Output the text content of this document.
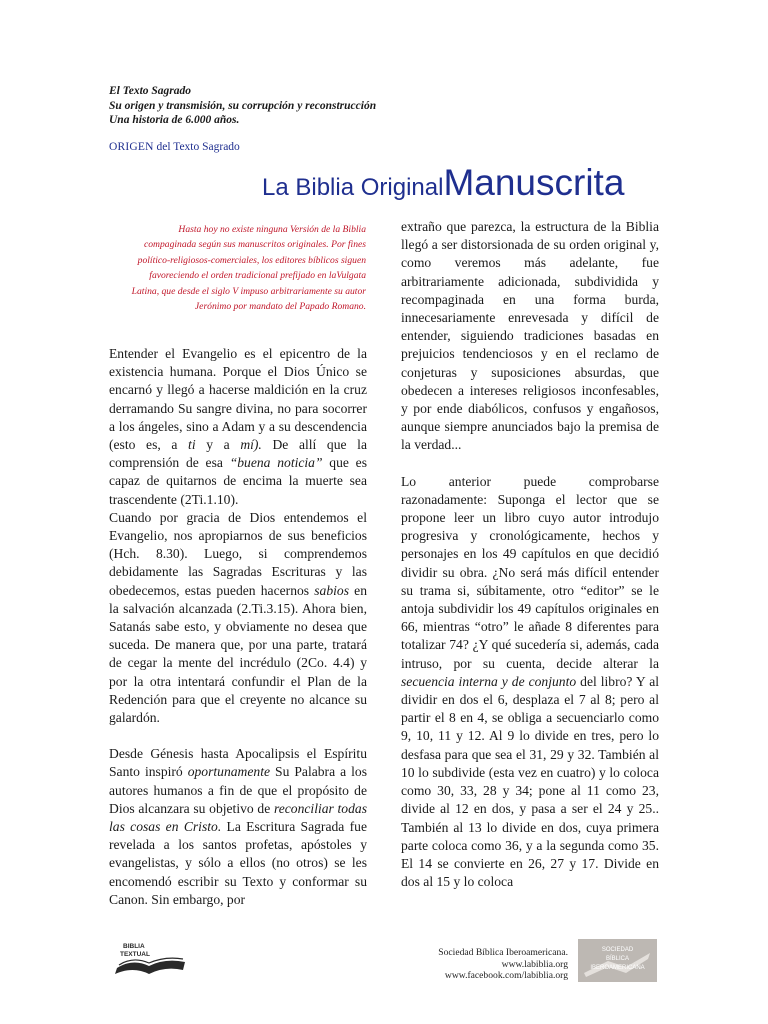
El Texto Sagrado
Su origen y transmisión, su corrupción y reconstrucción
Una historia de 6.000 años.
ORIGEN del Texto Sagrado
La Biblia OriginalManuscrita
Hasta hoy no existe ninguna Versión de la Biblia compaginada según sus manuscritos originales. Por fines político-religiosos-comerciales, los editores bíblicos siguen favoreciendo el orden tradicional prefijado en laVulgata Latina, que desde el siglo V impuso arbitrariamente su autor Jerónimo por mandato del Papado Romano.

Entender el Evangelio es el epicentro de la existencia humana. Porque el Dios Único se encarnó y llegó a hacerse maldición en la cruz derramando Su sangre divina, no para socorrer a los ángeles, sino a Adam y a su descendencia (esto es, a ti y a mí). De allí que la comprensión de esa “buena noticia” que es capaz de quitarnos de encima la muerte sea trascendente (2Ti.1.10).

Cuando por gracia de Dios entendemos el Evangelio, nos apropiarnos de sus beneficios (Hch. 8.30). Luego, si comprendemos debidamente las Sagradas Escrituras y las obedecemos, estas pueden hacernos sabios en la salvación alcanzada (2.Ti.3.15). Ahora bien, Satanás sabe esto, y obviamente no desea que suceda. De manera que, por una parte, tratará de cegar la mente del incrédulo (2Co. 4.4) y por la otra intentará confundir el Plan de la Redención para que el creyente no alcance su galardón.

Desde Génesis hasta Apocalipsis el Espíritu Santo inspiró oportunamente Su Palabra a los autores humanos a fin de que el propósito de Dios alcanzara su objetivo de reconciliar todas las cosas en Cristo. La Escritura Sagrada fue revelada a los santos profetas, apóstoles y evangelistas, y sólo a ellos (no otros) se les encomendó escribir su Texto y conformar su Canon. Sin embargo, por

extraño que parezca, la estructura de la Biblia llegó a ser distorsionada de su orden original y, como veremos más adelante, fue arbitrariamente adicionada, subdividida y recompaginada en una forma burda, innecesariamente enrevesada y difícil de entender, siguiendo tradiciones basadas en prejuicios tendenciosos y en el reclamo de conjeturas y suposiciones absurdas, que obedecen a intereses religiosos inconfesables, y por ende diabólicos, confusos y engañosos, aunque siempre anunciados bajo la premisa de la verdad...

Lo anterior puede comprobarse razonadamente: Suponga el lector que se propone leer un libro cuyo autor introdujo progresiva y cronológicamente, hechos y personajes en los 49 capítulos en que decidió dividir su obra. ¿No será más difícil entender su trama si, súbitamente, otro “editor” se le antoja subdividir los 49 capítulos originales en 66, mientras “otro” le añade 8 diferentes para totalizar 74? ¿Y qué sucedería si, además, cada intruso, por su cuenta, decide alterar la secuencia interna y de conjunto del libro? Y al dividir en dos el 6, desplaza el 7 al 8; pero al partir el 8 en 4, se obliga a secuenciarlo como 9, 10, 11 y 12. Al 9 lo divide en tres, pero lo desfasa para que sea el 31, 29 y 32. También al 10 lo subdivide (esta vez en cuatro) y lo coloca como 30, 33, 28 y 34; pone al 11 como 23, divide al 12 en dos, y pasa a ser el 24 y 25.. También al 13 lo divide en dos, cuya primera parte coloca como 36, y a la segunda como 35. El 14 se convierte en 26, 27 y 17. Divide en dos al 15 y lo coloca

BIBLIA
TEXTUAL	Sociedad Bíblica Iberoamericana.
www.labiblia.org
www.facebook.com/labiblia.org
SOCIEDAD
BÍBLICA
IBEROAMERICANA
